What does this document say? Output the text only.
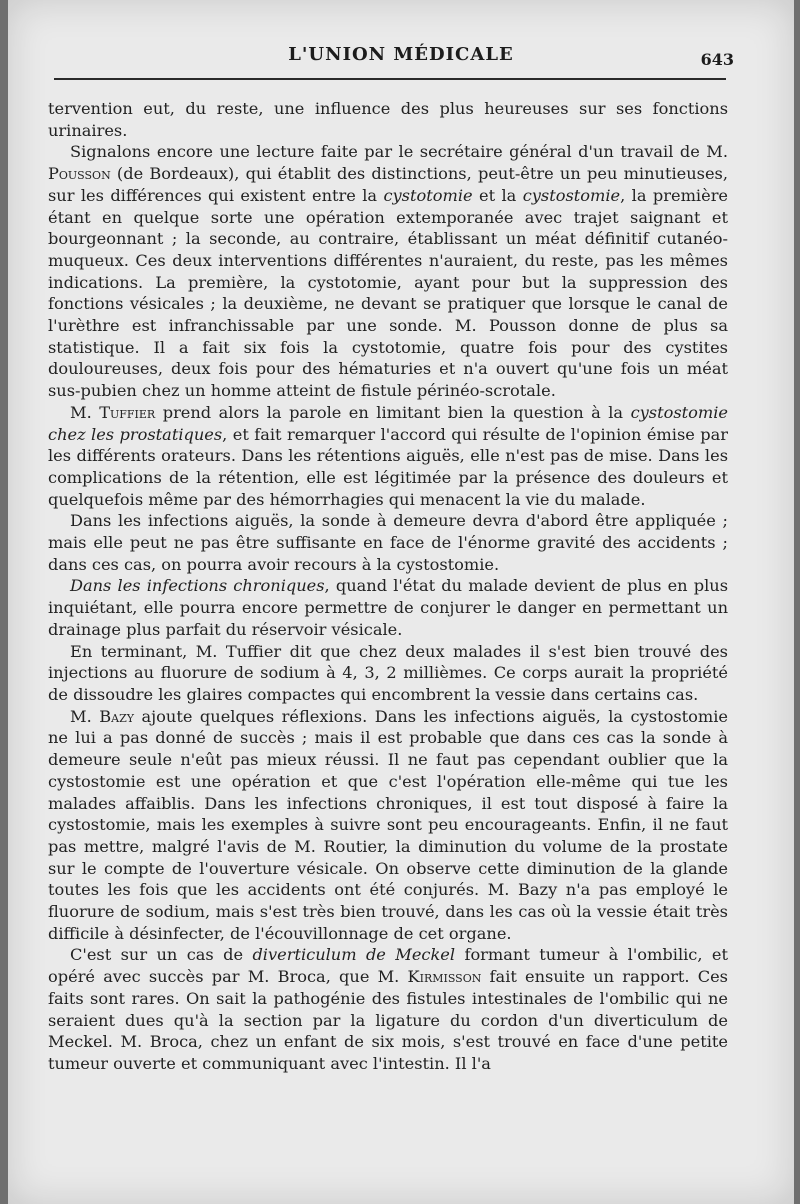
L'UNION MÉDICALE	643

tervention eut, du reste, une influence des plus heureuses sur ses fonctions urinaires.

Signalons encore une lecture faite par le secrétaire général d'un travail de M. Pousson (de Bordeaux), qui établit des distinctions, peut-être un peu minutieuses, sur les différences qui existent entre la cystotomie et la cystostomie, la première étant en quelque sorte une opération extemporanée avec trajet saignant et bourgeonnant ; la seconde, au contraire, établissant un méat définitif cutanéo-muqueux. Ces deux interventions différentes n'auraient, du reste, pas les mêmes indications. La première, la cystotomie, ayant pour but la suppression des fonctions vésicales ; la deuxième, ne devant se pratiquer que lorsque le canal de l'urèthre est infranchissable par une sonde. M. Pousson donne de plus sa statistique. Il a fait six fois la cystotomie, quatre fois pour des cystites douloureuses, deux fois pour des hématuries et n'a ouvert qu'une fois un méat sus-pubien chez un homme atteint de fistule périnéo-scrotale.

M. Tuffier prend alors la parole en limitant bien la question à la cystostomie chez les prostatiques, et fait remarquer l'accord qui résulte de l'opinion émise par les différents orateurs. Dans les rétentions aiguës, elle n'est pas de mise. Dans les complications de la rétention, elle est légitimée par la présence des douleurs et quelquefois même par des hémorrhagies qui menacent la vie du malade.

Dans les infections aiguës, la sonde à demeure devra d'abord être appliquée ; mais elle peut ne pas être suffisante en face de l'énorme gravité des accidents ; dans ces cas, on pourra avoir recours à la cystostomie.

Dans les infections chroniques, quand l'état du malade devient de plus en plus inquiétant, elle pourra encore permettre de conjurer le danger en permettant un drainage plus parfait du réservoir vésicale.

En terminant, M. Tuffier dit que chez deux malades il s'est bien trouvé des injections au fluorure de sodium à 4, 3, 2 millièmes. Ce corps aurait la propriété de dissoudre les glaires compactes qui encombrent la vessie dans certains cas.

M. Bazy ajoute quelques réflexions. Dans les infections aiguës, la cystostomie ne lui a pas donné de succès ; mais il est probable que dans ces cas la sonde à demeure seule n'eût pas mieux réussi. Il ne faut pas cependant oublier que la cystostomie est une opération et que c'est l'opération elle-même qui tue les malades affaiblis. Dans les infections chroniques, il est tout disposé à faire la cystostomie, mais les exemples à suivre sont peu encourageants. Enfin, il ne faut pas mettre, malgré l'avis de M. Routier, la diminution du volume de la prostate sur le compte de l'ouverture vésicale. On observe cette diminution de la glande toutes les fois que les accidents ont été conjurés. M. Bazy n'a pas employé le fluorure de sodium, mais s'est très bien trouvé, dans les cas où la vessie était très difficile à désinfecter, de l'écouvillonnage de cet organe.

C'est sur un cas de diverticulum de Meckel formant tumeur à l'ombilic, et opéré avec succès par M. Broca, que M. Kirmisson fait ensuite un rapport. Ces faits sont rares. On sait la pathogénie des fistules intestinales de l'ombilic qui ne seraient dues qu'à la section par la ligature du cordon d'un diverticulum de Meckel. M. Broca, chez un enfant de six mois, s'est trouvé en face d'une petite tumeur ouverte et communiquant avec l'intestin. Il l'a
